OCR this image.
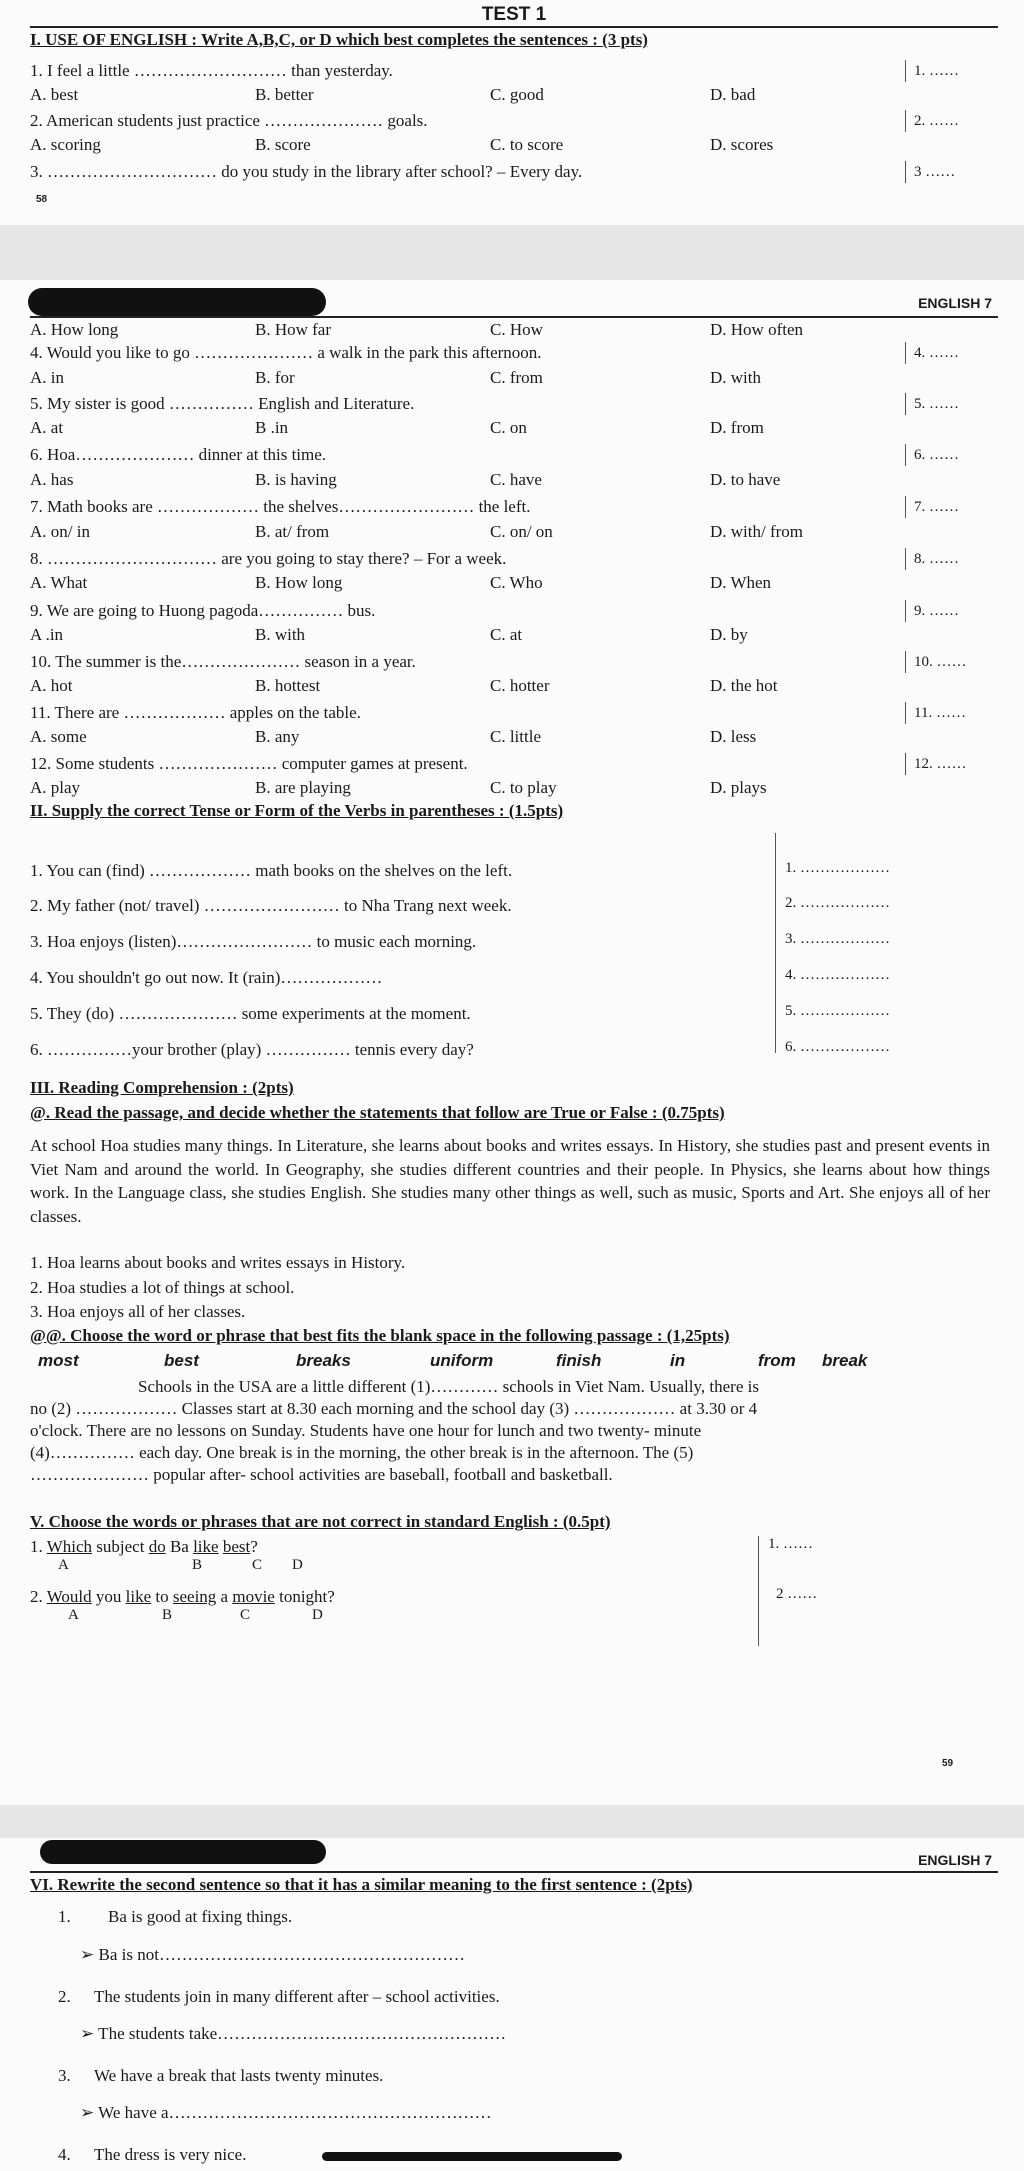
TEST 1
I. USE OF ENGLISH : Write A,B,C, or D which best completes the sentences : (3 pts)
1. I feel a little ……………………… than yesterday.	1. ……
A. best	B. better	C. good	D. bad
2. American students just practice ………………… goals.	2. ……
A. scoring	B. score	C. to score	D. scores
3. ………………………… do you study in the library after school? – Every day.	3 ……
58
ENGLISH 7
A. How long	B. How far	C. How	D. How often
4. Would you like to go ………………… a walk in the park this afternoon.	4. ……
A. in	B. for	C. from	D. with
5. My sister is good …………… English and Literature.	5. ……
A. at	B .in	C. on	D. from
6. Hoa………………… dinner at this time.	6. ……
A. has	B. is having	C. have	D. to have
7. Math books are ……………… the shelves…………………… the left.	7. ……
A. on/ in	B. at/ from	C. on/ on	D. with/ from
8. ………………………… are you going to stay there? – For a week.	8. ……
A. What	B. How long	C. Who	D. When
9. We are going to Huong pagoda…………… bus.	9. ……
A .in	B. with	C. at	D. by
10. The summer is the………………… season in a year.	10. ……
A. hot	B. hottest	C. hotter	D. the hot
11. There are ……………… apples on the table.	11. ……
A. some	B. any	C. little	D. less
12. Some students ………………… computer games at present.	12. ……
A. play	B. are playing	C. to play	D. plays
II. Supply the correct Tense or Form of the Verbs in parentheses : (1.5pts)
1. You can (find) ……………… math books on the shelves on the left.	1. ………………
2. My father (not/ travel) …………………… to Nha Trang next week.	2. ………………
3. Hoa enjoys (listen)…………………… to music each morning.	3. ………………
4. You shouldn't go out now. It (rain)………………	4. ………………
5. They (do) ………………… some experiments at the moment.	5. ………………
6. ……………your brother (play) …………… tennis every day?	6. ………………
III. Reading Comprehension : (2pts)
@. Read the passage, and decide whether the statements that follow are True or False : (0.75pts)
At school Hoa studies many things. In Literature, she learns about books and writes essays. In History, she studies past and present events in Viet Nam and around the world. In Geography, she studies different countries and their people. In Physics, she learns about how things work. In the Language class, she studies English. She studies many other things as well, such as music, Sports and Art. She enjoys all of her classes.
1. Hoa learns about books and writes essays in History.
2. Hoa studies a lot of things at school.
3. Hoa enjoys all of her classes.
@@. Choose the word or phrase that best fits the blank space in the following passage : (1,25pts)
most	best	breaks	uniform	finish	in	from break
Schools in the USA are a little different (1)………… schools in Viet Nam. Usually, there is
no (2) ……………… Classes start at 8.30 each morning and the school day (3) ……………… at 3.30 or 4
o'clock. There are no lessons on Sunday. Students have one hour for lunch and two twenty- minute
(4)…………… each day. One break is in the morning, the other break is in the afternoon. The (5)
………………… popular after- school activities are baseball, football and basketball.
V. Choose the words or phrases that are not correct in standard English : (0.5pt)
1. Which subject do Ba like best?	1. ……
A	B	C D
2. Would you like to seeing a movie tonight?	2 ……
A	B	C	D
59
ENGLISH 7
VI. Rewrite the second sentence so that it has a similar meaning to the first sentence : (2pts)
1. Ba is good at fixing things.
➢ Ba is not………………………………………………
2. The students join in many different after – school activities.
➢ The students take……………………………………………
3. We have a break that lasts twenty minutes.
➢ We have a…………………………………………………
4. The dress is very nice.
